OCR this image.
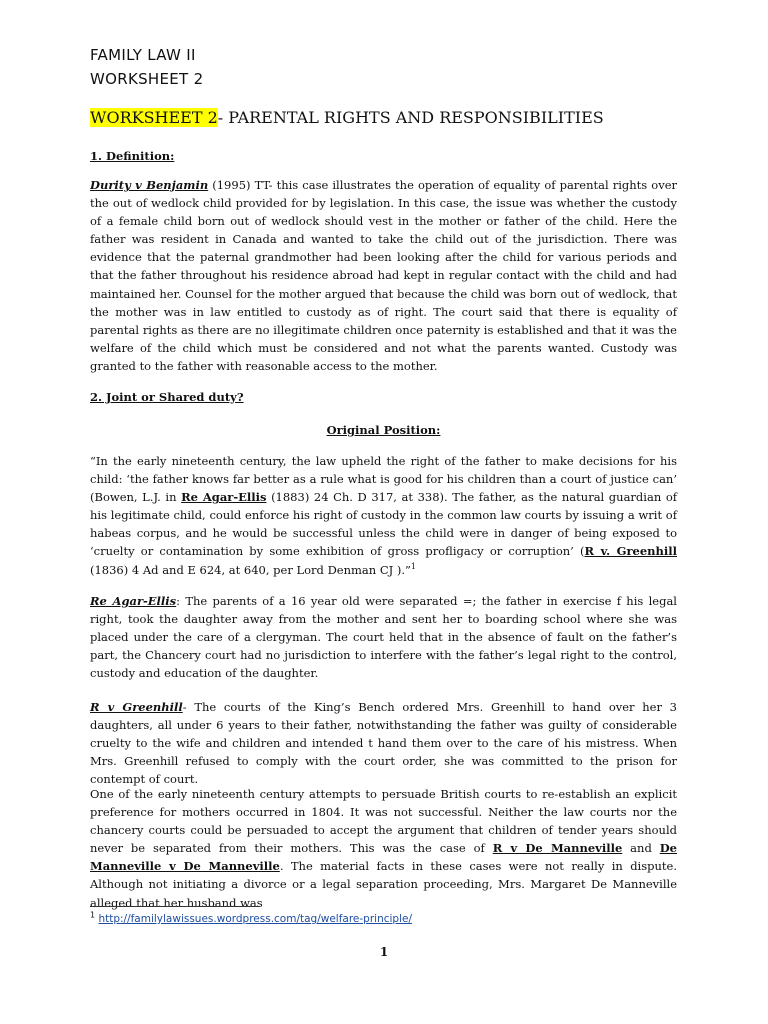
FAMILY LAW II
WORKSHEET 2
WORKSHEET 2- PARENTAL RIGHTS AND RESPONSIBILITIES
1. Definition:
Durity v Benjamin (1995) TT- this case illustrates the operation of equality of parental rights over the out of wedlock child provided for by legislation. In this case, the issue was whether the custody of a female child born out of wedlock should vest in the mother or father of the child. Here the father was resident in Canada and wanted to take the child out of the jurisdiction. There was evidence that the paternal grandmother had been looking after the child for various periods and that the father throughout his residence abroad had kept in regular contact with the child and had maintained her. Counsel for the mother argued that because the child was born out of wedlock, that the mother was in law entitled to custody as of right. The court said that there is equality of parental rights as there are no illegitimate children once paternity is established and that it was the welfare of the child which must be considered and not what the parents wanted. Custody was granted to the father with reasonable access to the mother.
2. Joint or Shared duty?
Original Position:
“In the early nineteenth century, the law upheld the right of the father to make decisions for his child: ‘the father knows far better as a rule what is good for his children than a court of justice can’ (Bowen, L.J. in Re Agar-Ellis (1883) 24 Ch. D 317, at 338). The father, as the natural guardian of his legitimate child, could enforce his right of custody in the common law courts by issuing a writ of habeas corpus, and he would be successful unless the child were in danger of being exposed to ‘cruelty or contamination by some exhibition of gross profligacy or corruption’ (R v. Greenhill (1836) 4 Ad and E 624, at 640, per Lord Denman CJ ).”$^1$
Re Agar-Ellis: The parents of a 16 year old were separated =; the father in exercise f his legal right, took the daughter away from the mother and sent her to boarding school where she was placed under the care of a clergyman. The court held that in the absence of fault on the father’s part, the Chancery court had no jurisdiction to interfere with the father’s legal right to the control, custody and education of the daughter.
R v Greenhill- The courts of the King’s Bench ordered Mrs. Greenhill to hand over her 3 daughters, all under 6 years to their father, notwithstanding the father was guilty of considerable cruelty to the wife and children and intended t hand them over to the care of his mistress. When Mrs. Greenhill refused to comply with the court order, she was committed to the prison for contempt of court.
One of the early nineteenth century attempts to persuade British courts to re-establish an explicit preference for mothers occurred in 1804. It was not successful. Neither the law courts nor the chancery courts could be persuaded to accept the argument that children of tender years should never be separated from their mothers. This was the case of R v De Manneville and De Manneville v De Manneville. The material facts in these cases were not really in dispute. Although not initiating a divorce or a legal separation proceeding, Mrs. Margaret De Manneville alleged that her husband was
$^1$ http://familylawissues.wordpress.com/tag/welfare-principle/
1
